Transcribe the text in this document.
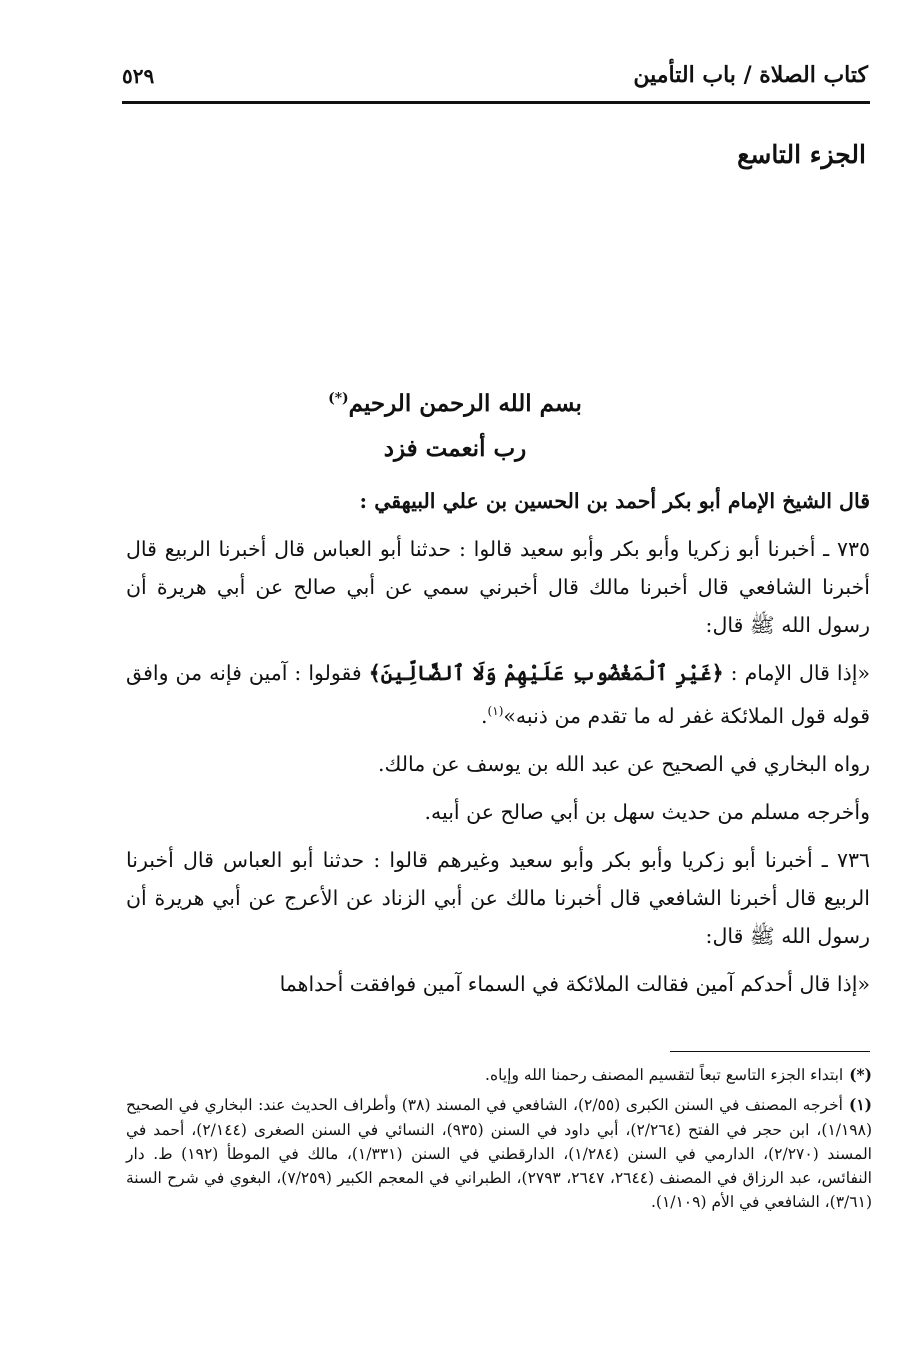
كتاب الصلاة / باب التأمين
٥٢٩
الجزء التاسع
بسم الله الرحمن الرحيم(*)
رب أنعمت فزد

قال الشيخ الإمام أبو بكر أحمد بن الحسين بن علي البيهقي :

٧٣٥ ـ أخبرنا أبو زكريا وأبو بكر وأبو سعيد قالوا : حدثنا أبو العباس قال أخبرنا الربيع قال أخبرنا الشافعي قال أخبرنا مالك قال أخبرني سمي عن أبي صالح عن أبي هريرة أن رسول الله ﷺ قال:

«إذا قال الإمام : ﴿غَيْرِ ٱلْمَغْضُوبِ عَلَيْهِمْ وَلَا ٱلضَّالِّينَ﴾ فقولوا : آمين فإنه من وافق قوله قول الملائكة غفر له ما تقدم من ذنبه»$^{(١)}$.

رواه البخاري في الصحيح عن عبد الله بن يوسف عن مالك.

وأخرجه مسلم من حديث سهل بن أبي صالح عن أبيه.

٧٣٦ ـ أخبرنا أبو زكريا وأبو بكر وأبو سعيد وغيرهم قالوا : حدثنا أبو العباس قال أخبرنا الربيع قال أخبرنا الشافعي قال أخبرنا مالك عن أبي الزناد عن الأعرج عن أبي هريرة أن رسول الله ﷺ قال:

«إذا قال أحدكم آمين فقالت الملائكة في السماء آمين فوافقت أحداهما

(*)ابتداء الجزء التاسع تبعاً لتقسيم المصنف رحمنا الله وإياه.

(١)أخرجه المصنف في السنن الكبرى (٢/٥٥)، الشافعي في المسند (٣٨) وأطراف الحديث عند: البخاري في الصحيح (١/١٩٨)، ابن حجر في الفتح (٢/٢٦٤)، أبي داود في السنن (٩٣٥)، النسائي في السنن الصغرى (٢/١٤٤)، أحمد في المسند (٢/٢٧٠)، الدارمي في السنن (١/٢٨٤)، الدارقطني في السنن (١/٣٣١)، مالك في الموطأ (١٩٢) ط. دار النفائس، عبد الرزاق في المصنف (٢٦٤٤، ٢٦٤٧، ٢٧٩٣)، الطبراني في المعجم الكبير (٧/٢٥٩)، البغوي في شرح السنة (٣/٦١)، الشافعي في الأم (١/١٠٩).
